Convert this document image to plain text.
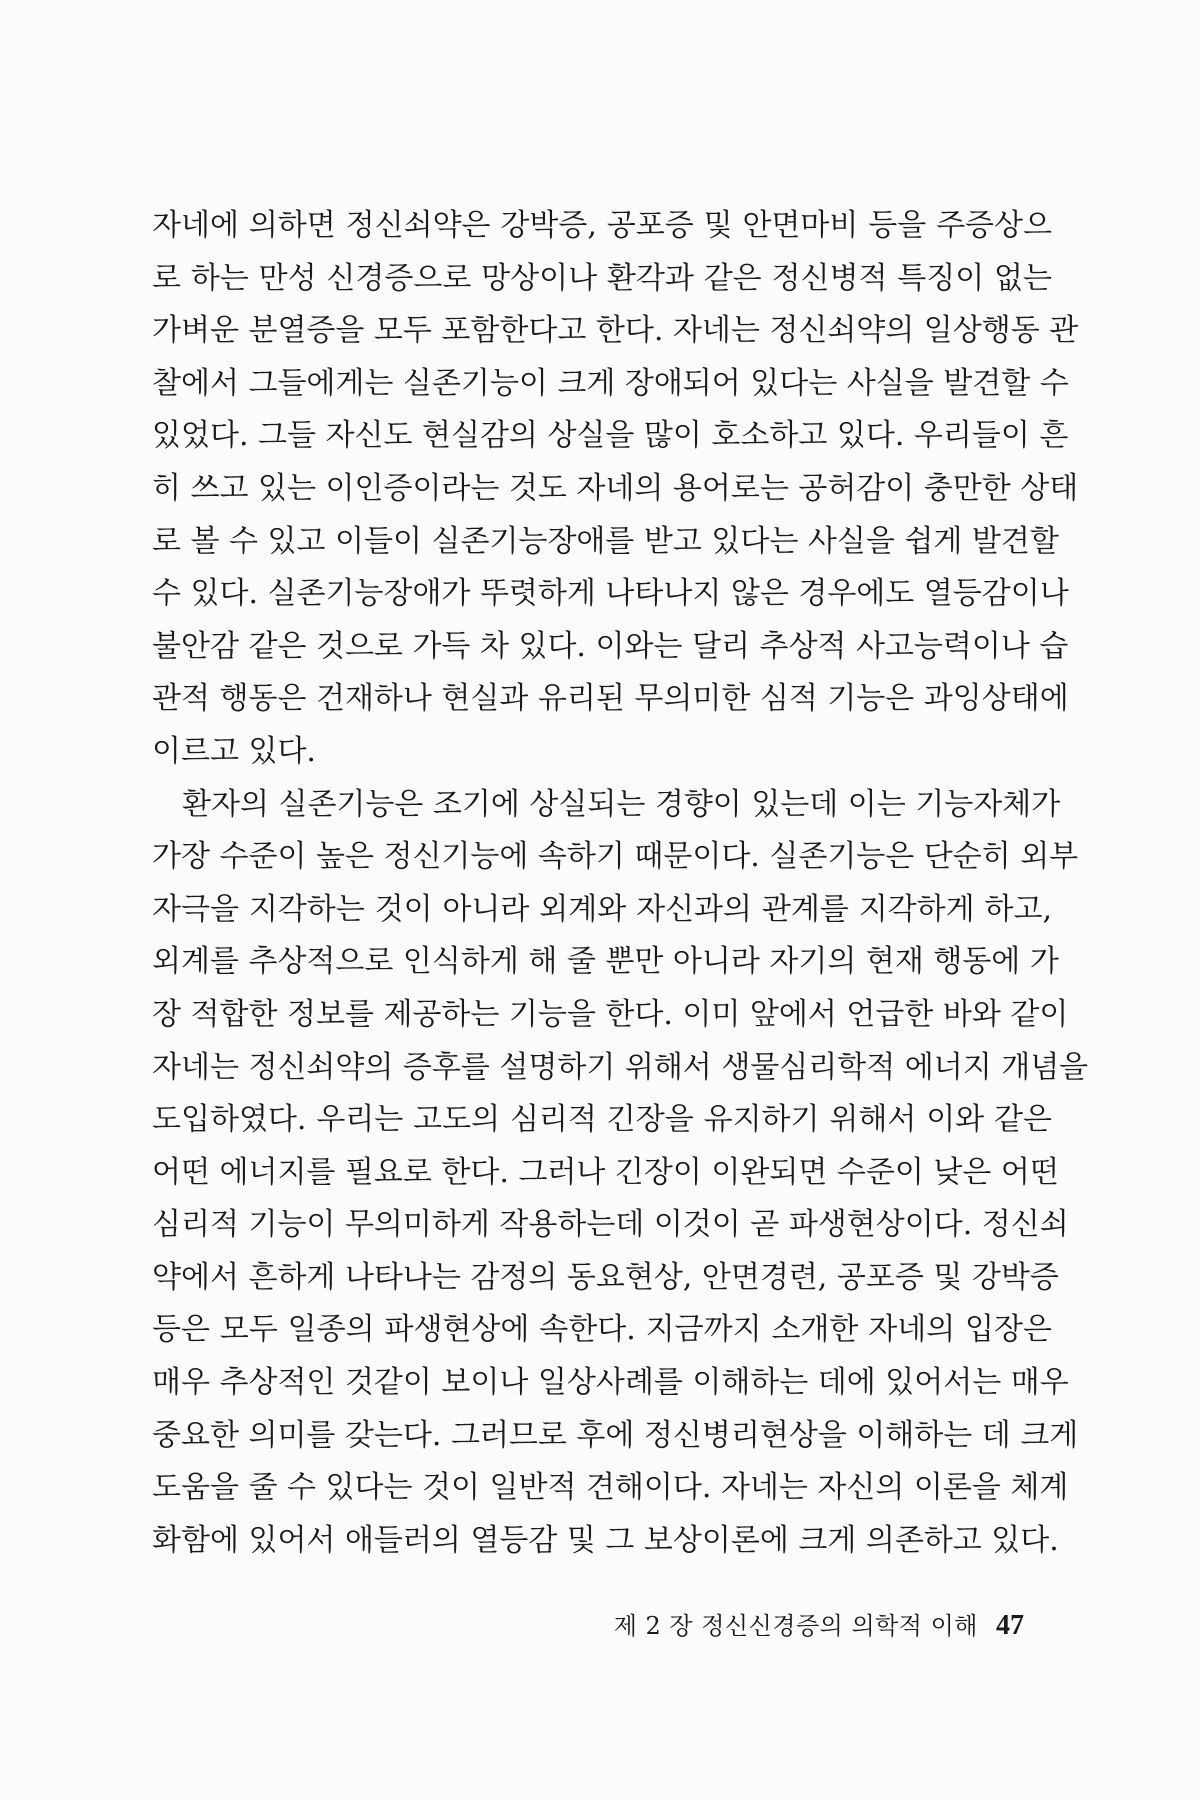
자네에 의하면 정신쇠약은 강박증, 공포증 및 안면마비 등을 주증상으
로 하는 만성 신경증으로 망상이나 환각과 같은 정신병적 특징이 없는
가벼운 분열증을 모두 포함한다고 한다. 자네는 정신쇠약의 일상행동 관
찰에서 그들에게는 실존기능이 크게 장애되어 있다는 사실을 발견할 수
있었다. 그들 자신도 현실감의 상실을 많이 호소하고 있다. 우리들이 흔
히 쓰고 있는 이인증이라는 것도 자네의 용어로는 공허감이 충만한 상태
로 볼 수 있고 이들이 실존기능장애를 받고 있다는 사실을 쉽게 발견할
수 있다. 실존기능장애가 뚜렷하게 나타나지 않은 경우에도 열등감이나
불안감 같은 것으로 가득 차 있다. 이와는 달리 추상적 사고능력이나 습
관적 행동은 건재하나 현실과 유리된 무의미한 심적 기능은 과잉상태에
이르고 있다.
환자의 실존기능은 조기에 상실되는 경향이 있는데 이는 기능자체가
가장 수준이 높은 정신기능에 속하기 때문이다. 실존기능은 단순히 외부
자극을 지각하는 것이 아니라 외계와 자신과의 관계를 지각하게 하고,
외계를 추상적으로 인식하게 해 줄 뿐만 아니라 자기의 현재 행동에 가
장 적합한 정보를 제공하는 기능을 한다. 이미 앞에서 언급한 바와 같이
자네는 정신쇠약의 증후를 설명하기 위해서 생물심리학적 에너지 개념을
도입하였다. 우리는 고도의 심리적 긴장을 유지하기 위해서 이와 같은
어떤 에너지를 필요로 한다. 그러나 긴장이 이완되면 수준이 낮은 어떤
심리적 기능이 무의미하게 작용하는데 이것이 곧 파생현상이다. 정신쇠
약에서 흔하게 나타나는 감정의 동요현상, 안면경련, 공포증 및 강박증
등은 모두 일종의 파생현상에 속한다. 지금까지 소개한 자네의 입장은
매우 추상적인 것같이 보이나 일상사례를 이해하는 데에 있어서는 매우
중요한 의미를 갖는다. 그러므로 후에 정신병리현상을 이해하는 데 크게
도움을 줄 수 있다는 것이 일반적 견해이다. 자네는 자신의 이론을 체계
화함에 있어서 애들러의 열등감 및 그 보상이론에 크게 의존하고 있다.
제 2 장 정신신경증의 의학적 이해 47
